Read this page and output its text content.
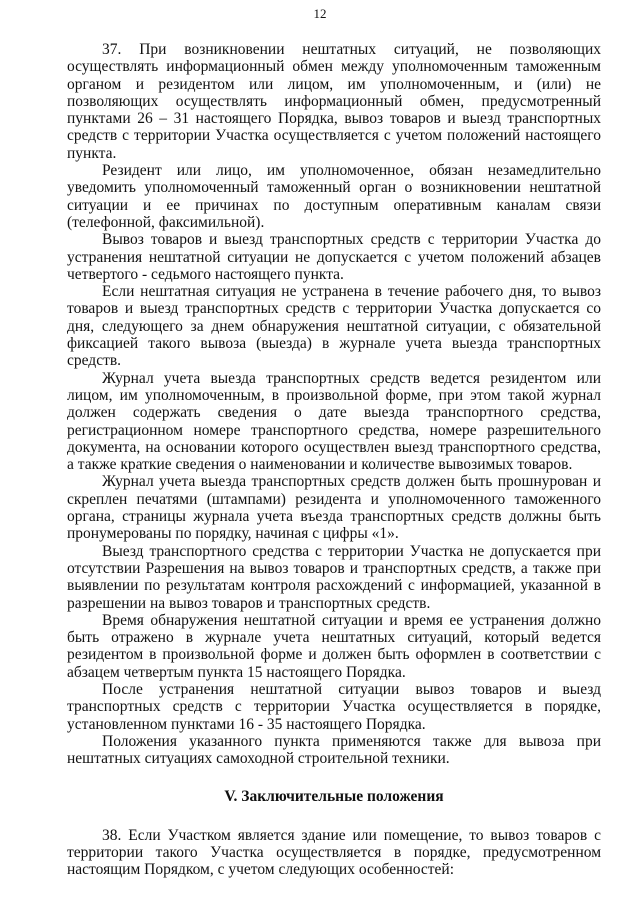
12

37. При возникновении нештатных ситуаций, не позволяющих осуществлять информационный обмен между уполномоченным таможенным органом и резидентом или лицом, им уполномоченным, и (или) не позволяющих осуществлять информационный обмен, предусмотренный пунктами 26 – 31 настоящего Порядка, вывоз товаров и выезд транспортных средств с территории Участка осуществляется с учетом положений настоящего пункта.

Резидент или лицо, им уполномоченное, обязан незамедлительно уведомить уполномоченный таможенный орган о возникновении нештатной ситуации и ее причинах по доступным оперативным каналам связи (телефонной, факсимильной).

Вывоз товаров и выезд транспортных средств с территории Участка до устранения нештатной ситуации не допускается с учетом положений абзацев четвертого - седьмого настоящего пункта.

Если нештатная ситуация не устранена в течение рабочего дня, то вывоз товаров и выезд транспортных средств с территории Участка допускается со дня, следующего за днем обнаружения нештатной ситуации, с обязательной фиксацией такого вывоза (выезда) в журнале учета выезда транспортных средств.

Журнал учета выезда транспортных средств ведется резидентом или лицом, им уполномоченным, в произвольной форме, при этом такой журнал должен содержать сведения о дате выезда транспортного средства, регистрационном номере транспортного средства, номере разрешительного документа, на основании которого осуществлен выезд транспортного средства, а также краткие сведения о наименовании и количестве вывозимых товаров.

Журнал учета выезда транспортных средств должен быть прошнурован и скреплен печатями (штампами) резидента и уполномоченного таможенного органа, страницы журнала учета въезда транспортных средств должны быть пронумерованы по порядку, начиная с цифры «1».

Выезд транспортного средства с территории Участка не допускается при отсутствии Разрешения на вывоз товаров и транспортных средств, а также при выявлении по результатам контроля расхождений с информацией, указанной в разрешении на вывоз товаров и транспортных средств.

Время обнаружения нештатной ситуации и время ее устранения должно быть отражено в журнале учета нештатных ситуаций, который ведется резидентом в произвольной форме и должен быть оформлен в соответствии с абзацем четвертым пункта 15 настоящего Порядка.

После устранения нештатной ситуации вывоз товаров и выезд транспортных средств с территории Участка осуществляется в порядке, установленном пунктами 16 - 35 настоящего Порядка.

Положения указанного пункта применяются также для вывоза при нештатных ситуациях самоходной строительной техники.

V. Заключительные положения

38. Если Участком является здание или помещение, то вывоз товаров с территории такого Участка осуществляется в порядке, предусмотренном настоящим Порядком, с учетом следующих особенностей:
